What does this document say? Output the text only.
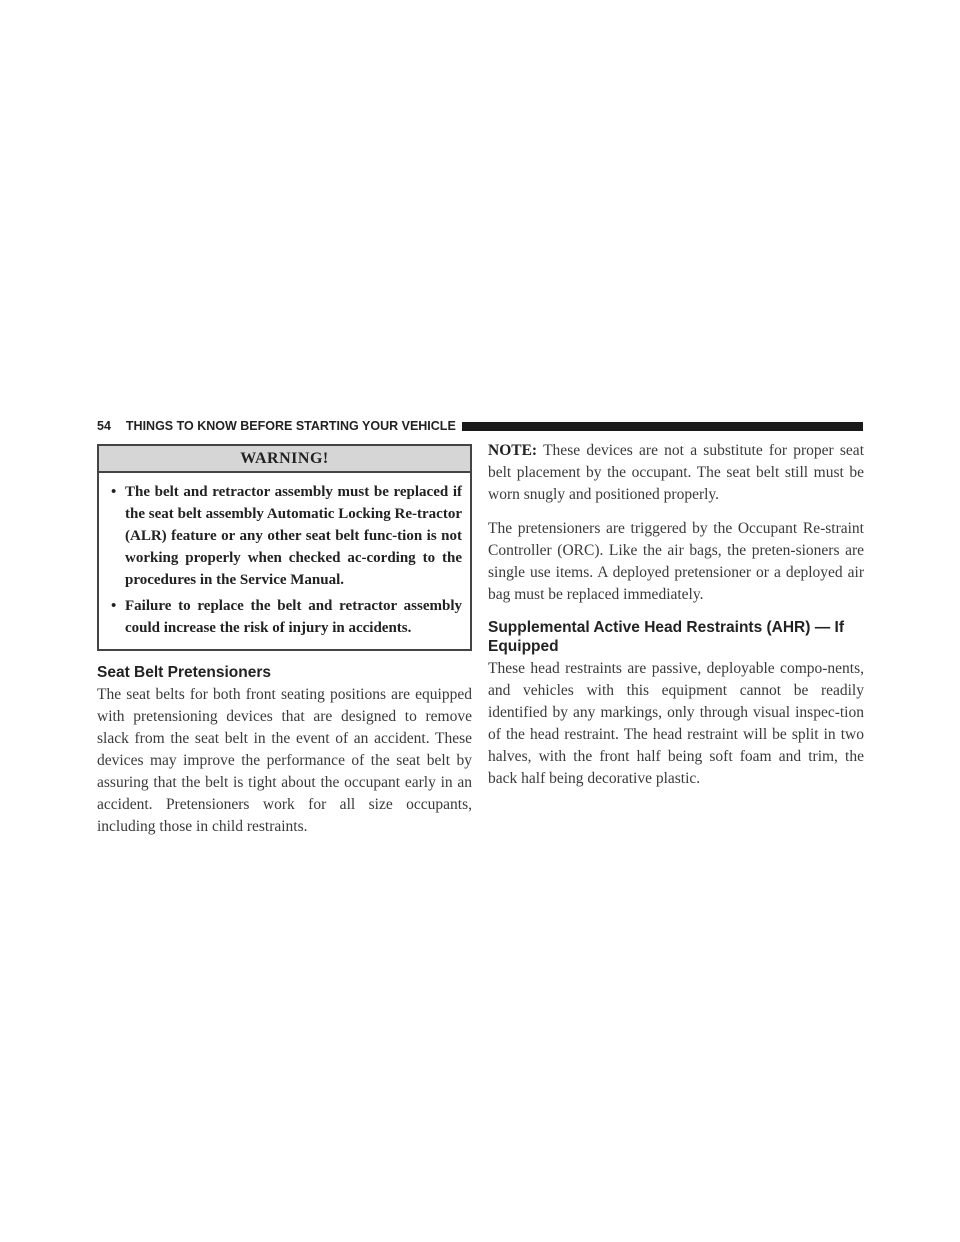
54	THINGS TO KNOW BEFORE STARTING YOUR VEHICLE
WARNING!
• The belt and retractor assembly must be replaced if the seat belt assembly Automatic Locking Re-tractor (ALR) feature or any other seat belt func-tion is not working properly when checked ac-cording to the procedures in the Service Manual.
• Failure to replace the belt and retractor assembly could increase the risk of injury in accidents.
Seat Belt Pretensioners

The seat belts for both front seating positions are equipped with pretensioning devices that are designed to remove slack from the seat belt in the event of an accident. These devices may improve the performance of the seat belt by assuring that the belt is tight about the occupant early in an accident. Pretensioners work for all size occupants, including those in child restraints.

NOTE: These devices are not a substitute for proper seat belt placement by the occupant. The seat belt still must be worn snugly and positioned properly.

The pretensioners are triggered by the Occupant Re-straint Controller (ORC). Like the air bags, the preten-sioners are single use items. A deployed pretensioner or a deployed air bag must be replaced immediately.

Supplemental Active Head Restraints (AHR) — If Equipped

These head restraints are passive, deployable compo-nents, and vehicles with this equipment cannot be readily identified by any markings, only through visual inspec-tion of the head restraint. The head restraint will be split in two halves, with the front half being soft foam and trim, the back half being decorative plastic.
